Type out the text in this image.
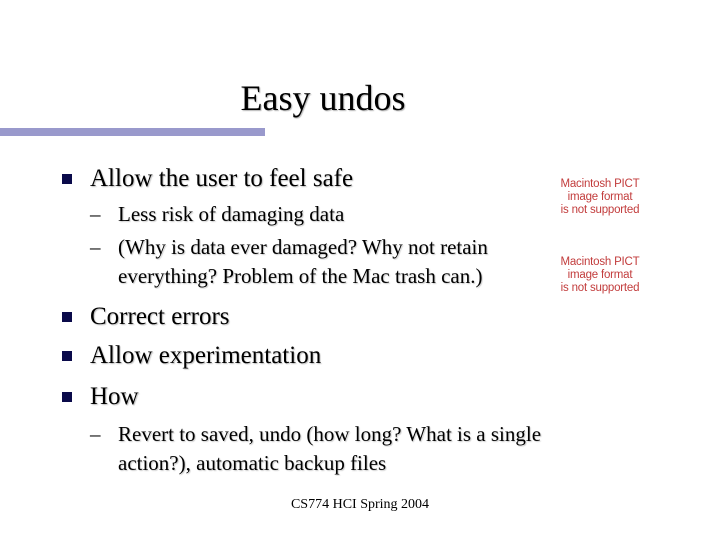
Easy undos
Allow the user to feel safe
– Less risk of damaging data
– (Why is data ever damaged? Why not retain everything? Problem of the Mac trash can.)
Correct errors
Allow experimentation
How
– Revert to saved, undo (how long? What is a single action?), automatic backup files
Macintosh PICT
image format
is not supported
Macintosh PICT
image format
is not supported
CS774 HCI Spring 2004
